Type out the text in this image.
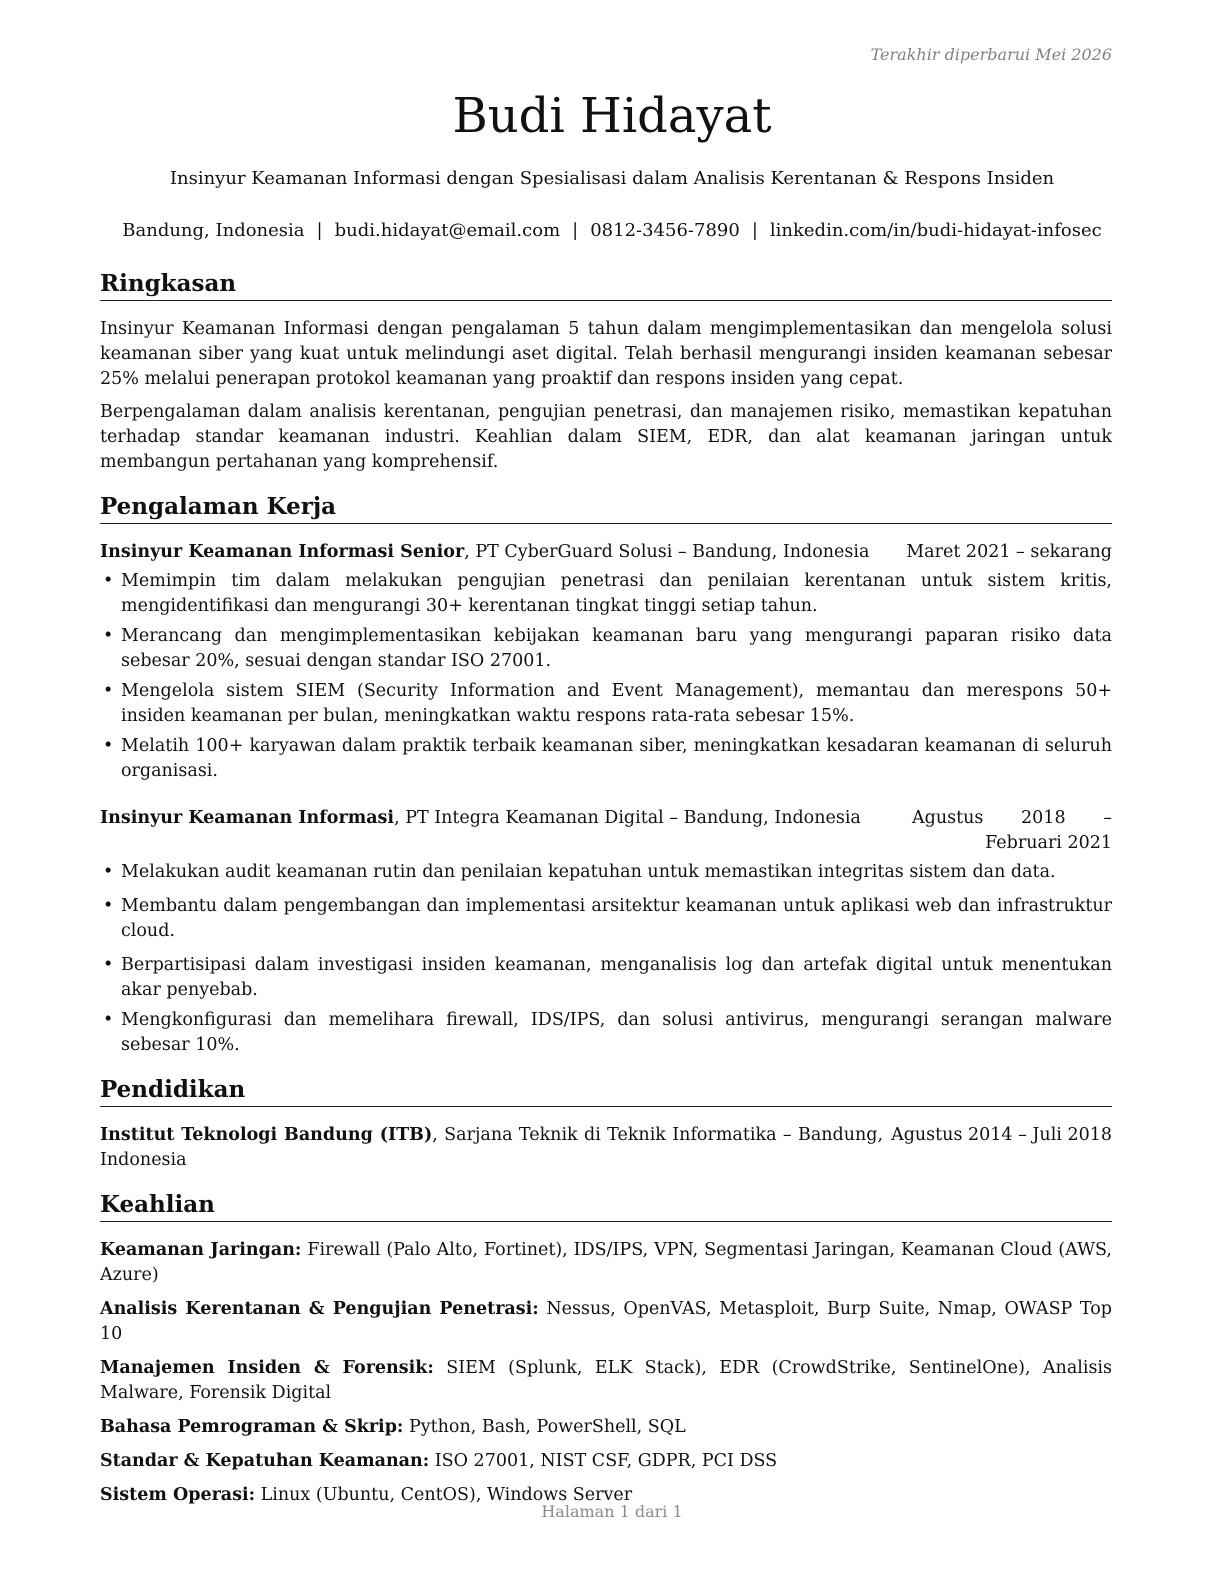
Terakhir diperbarui Mei 2026
Budi Hidayat
Insinyur Keamanan Informasi dengan Spesialisasi dalam Analisis Kerentanan & Respons Insiden
Bandung, Indonesia | budi.hidayat@email.com | 0812-3456-7890 | linkedin.com/in/budi-hidayat-infosec
Ringkasan

Insinyur Keamanan Informasi dengan pengalaman 5 tahun dalam mengimplementasikan dan mengelola solusi keamanan siber yang kuat untuk melindungi aset digital. Telah berhasil mengurangi insiden keamanan sebesar 25% melalui penerapan protokol keamanan yang proaktif dan respons insiden yang cepat.

Berpengalaman dalam analisis kerentanan, pengujian penetrasi, dan manajemen risiko, memastikan kepatuhan terhadap standar keamanan industri. Keahlian dalam SIEM, EDR, dan alat keamanan jaringan untuk membangun pertahanan yang komprehensif.

Pengalaman Kerja
Insinyur Keamanan Informasi Senior, PT CyberGuard Solusi – Bandung, Indonesia	Maret 2021 – sekarang
• Memimpin tim dalam melakukan pengujian penetrasi dan penilaian kerentanan untuk sistem kritis, mengidentifikasi dan mengurangi 30+ kerentanan tingkat tinggi setiap tahun.
• Merancang dan mengimplementasikan kebijakan keamanan baru yang mengurangi paparan risiko data sebesar 20%, sesuai dengan standar ISO 27001.
• Mengelola sistem SIEM (Security Information and Event Management), memantau dan merespons 50+ insiden keamanan per bulan, meningkatkan waktu respons rata-rata sebesar 15%.
• Melatih 100+ karyawan dalam praktik terbaik keamanan siber, meningkatkan kesadaran keamanan di seluruh organisasi.
Insinyur Keamanan Informasi, PT Integra Keamanan Digital – Bandung, Indonesia	Agustus 2018 – Februari 2021
• Melakukan audit keamanan rutin dan penilaian kepatuhan untuk memastikan integritas sistem dan data.
• Membantu dalam pengembangan dan implementasi arsitektur keamanan untuk aplikasi web dan infrastruktur cloud.
• Berpartisipasi dalam investigasi insiden keamanan, menganalisis log dan artefak digital untuk menentukan akar penyebab.
• Mengkonfigurasi dan memelihara firewall, IDS/IPS, dan solusi antivirus, mengurangi serangan malware sebesar 10%.
Pendidikan
Institut Teknologi Bandung (ITB), Sarjana Teknik di Teknik Informatika – Bandung, Indonesia
Agustus 2014 – Juli 2018
Keahlian

Keamanan Jaringan: Firewall (Palo Alto, Fortinet), IDS/IPS, VPN, Segmentasi Jaringan, Keamanan Cloud (AWS, Azure)

Analisis Kerentanan & Pengujian Penetrasi: Nessus, OpenVAS, Metasploit, Burp Suite, Nmap, OWASP Top 10

Manajemen Insiden & Forensik: SIEM (Splunk, ELK Stack), EDR (CrowdStrike, SentinelOne), Analisis Malware, Forensik Digital

Bahasa Pemrograman & Skrip: Python, Bash, PowerShell, SQL

Standar & Kepatuhan Keamanan: ISO 27001, NIST CSF, GDPR, PCI DSS

Sistem Operasi: Linux (Ubuntu, CentOS), Windows Server

Halaman 1 dari 1
